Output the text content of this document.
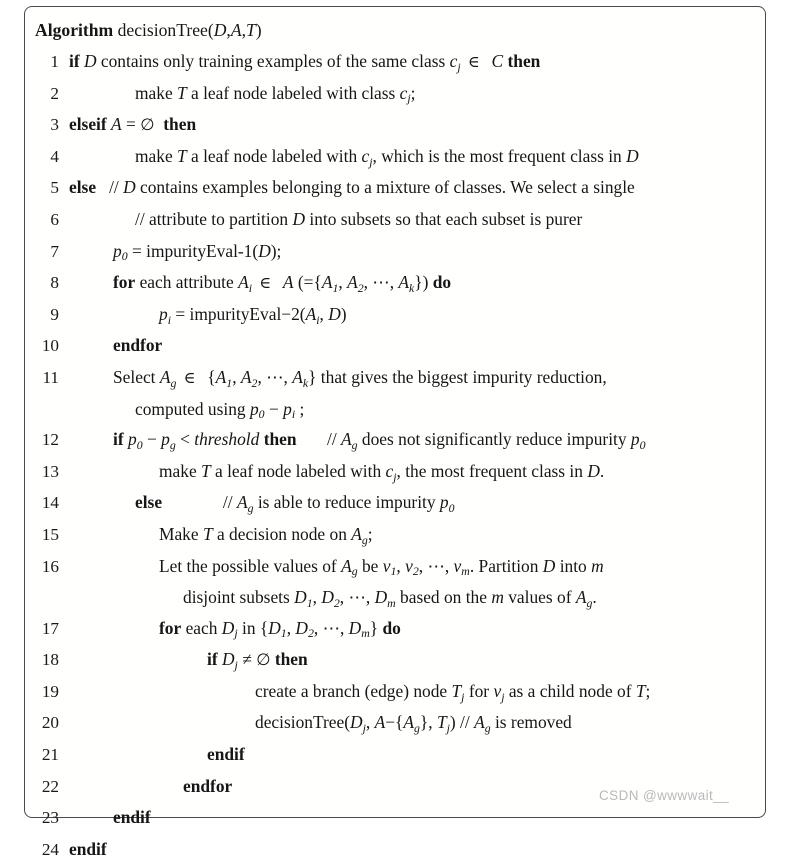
Algorithm dеcisionTree(D,A,T)
1 if D contains only training examples of the same class $c_j$ ∈ C then
2	make T a leaf node labeled with class $c_j$;
3 elseif A = ∅ then
4	make T a leaf node labeled with $c_j$, which is the most frequent class in D
5 else // D contains examples belonging to a mixture of classes. We select a single
6	// attribute to partition D into subsets so that each subset is purer
7	$p_0$ = impurityEval-1(D);
8	for each attribute $A_i$ ∈ A ($=\{A_1$, $A_2$, ⋯, $A_k$}) do
9	$p_i$ = $impurityEval-2(A_i$, D)
10	endfor
11	Select $A_g$ ∈  {$A_1$, $A_2$, ⋯, $A_k$} that gives the biggest impurity reduction,
computed using $p_0 - p_i$ ;
12	if $p_0 - p_g$ < threshold then // $A_g$ does not significantly reduce impurity $p_0$
13	make T a leaf node labeled with $c_j$, the most frequent class in D.
14	else	// $A_g$ is able to reduce impurity $p_0$
15	Make T a decision node on $A_g$;
16	Let the possible values of $A_g$ be $v_1$, $v_2$, ⋯, $v_m$. Partition D into m
disjoint subsets $D_1$, $D_2$, ⋯, $D_m$ based on the m values of $A_g$.
17	for each $D_j$ in {$D_1$, $D_2$, ⋯, $D_m$} do
18	if $D_j$ ≠ ∅ then
19	create a branch (edge) node $T_j$ for $v_j$ as a child node of T;
20	$decisionTree(D_j$, $A-\{A_g\}$, $T_j) // A_g$ is removed
21	endif
22	endfor
23	endif
24 endif
CSDN @wwwwait__
